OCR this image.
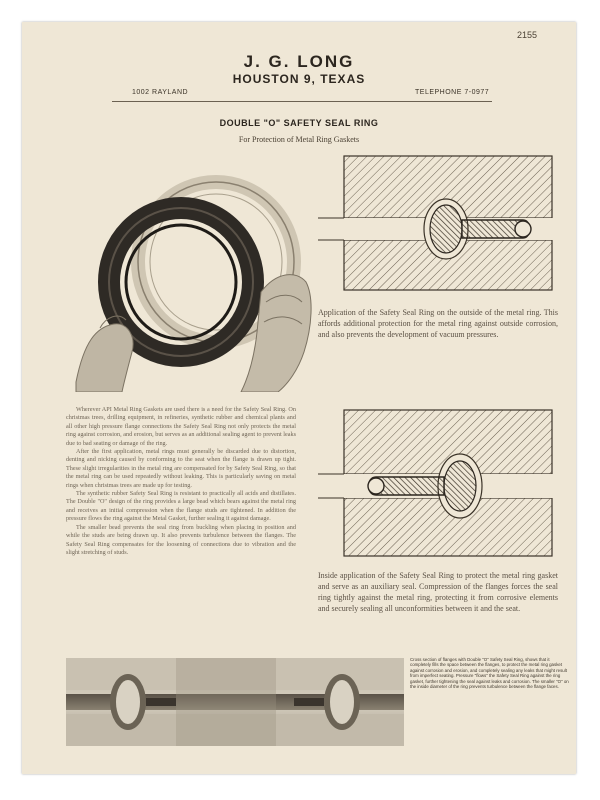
2155
J. G. LONG
HOUSTON 9, TEXAS
1002 RAYLAND	TELEPHONE 7-0977
DOUBLE "O" SAFETY SEAL RING
For Protection of Metal Ring Gaskets
Application of the Safety Seal Ring on the outside of the metal ring. This affords additional protection for the metal ring against outside corrosion, and also prevents the development of vacuum pressures.
Inside application of the Safety Seal Ring to protect the metal ring gasket and serve as an auxiliary seal. Compression of the flanges forces the seal ring tightly against the metal ring, protecting it from corrosive elements and securely sealing all unconformities between it and the seat.

Wherever API Metal Ring Gaskets are used there is a need for the Safety Seal Ring. On christmas trees, drilling equipment, in refineries, synthetic rubber and chemical plants and all other high pressure flange connections the Safety Seal Ring not only protects the metal ring against corrosion, and erosion, but serves as an additional sealing agent to prevent leaks due to bad seating or damage of the ring.

After the first application, metal rings must generally be discarded due to distortion, denting and nicking caused by conforming to the seat when the flange is drawn up tight. These slight irregularities in the metal ring are compensated for by Safety Seal Ring, so that the metal ring can be used repeatedly without leaking. This is particularly saving on metal rings when christmas trees are made up for testing.

The synthetic rubber Safety Seal Ring is resistant to practically all acids and distillates. The Double "O" design of the ring provides a large bead which bears against the metal ring and receives an initial compression when the flange studs are tightened. In addition the pressure flows the ring against the Metal Gasket, further sealing it against damage.

The smaller bead prevents the seal ring from buckling when placing in position and while the studs are being drawn up. It also prevents turbulence between the flanges. The Safety Seal Ring compensates for the loosening of connections due to vibration and the slight stretching of studs.

Cross section of flanges with Double "O" Safety Seal Ring, shows that it completely fills the space between the flanges, to protect the metal ring gasket against corrosion and erosion, and completely sealing any leaks that might result from imperfect seating. Pressure "flows" the Safety Seal Ring against the ring gasket, further tightening the seal against leaks and corrosion. The smaller "O" on the inside diameter of the ring prevents turbulence between the flange faces.
